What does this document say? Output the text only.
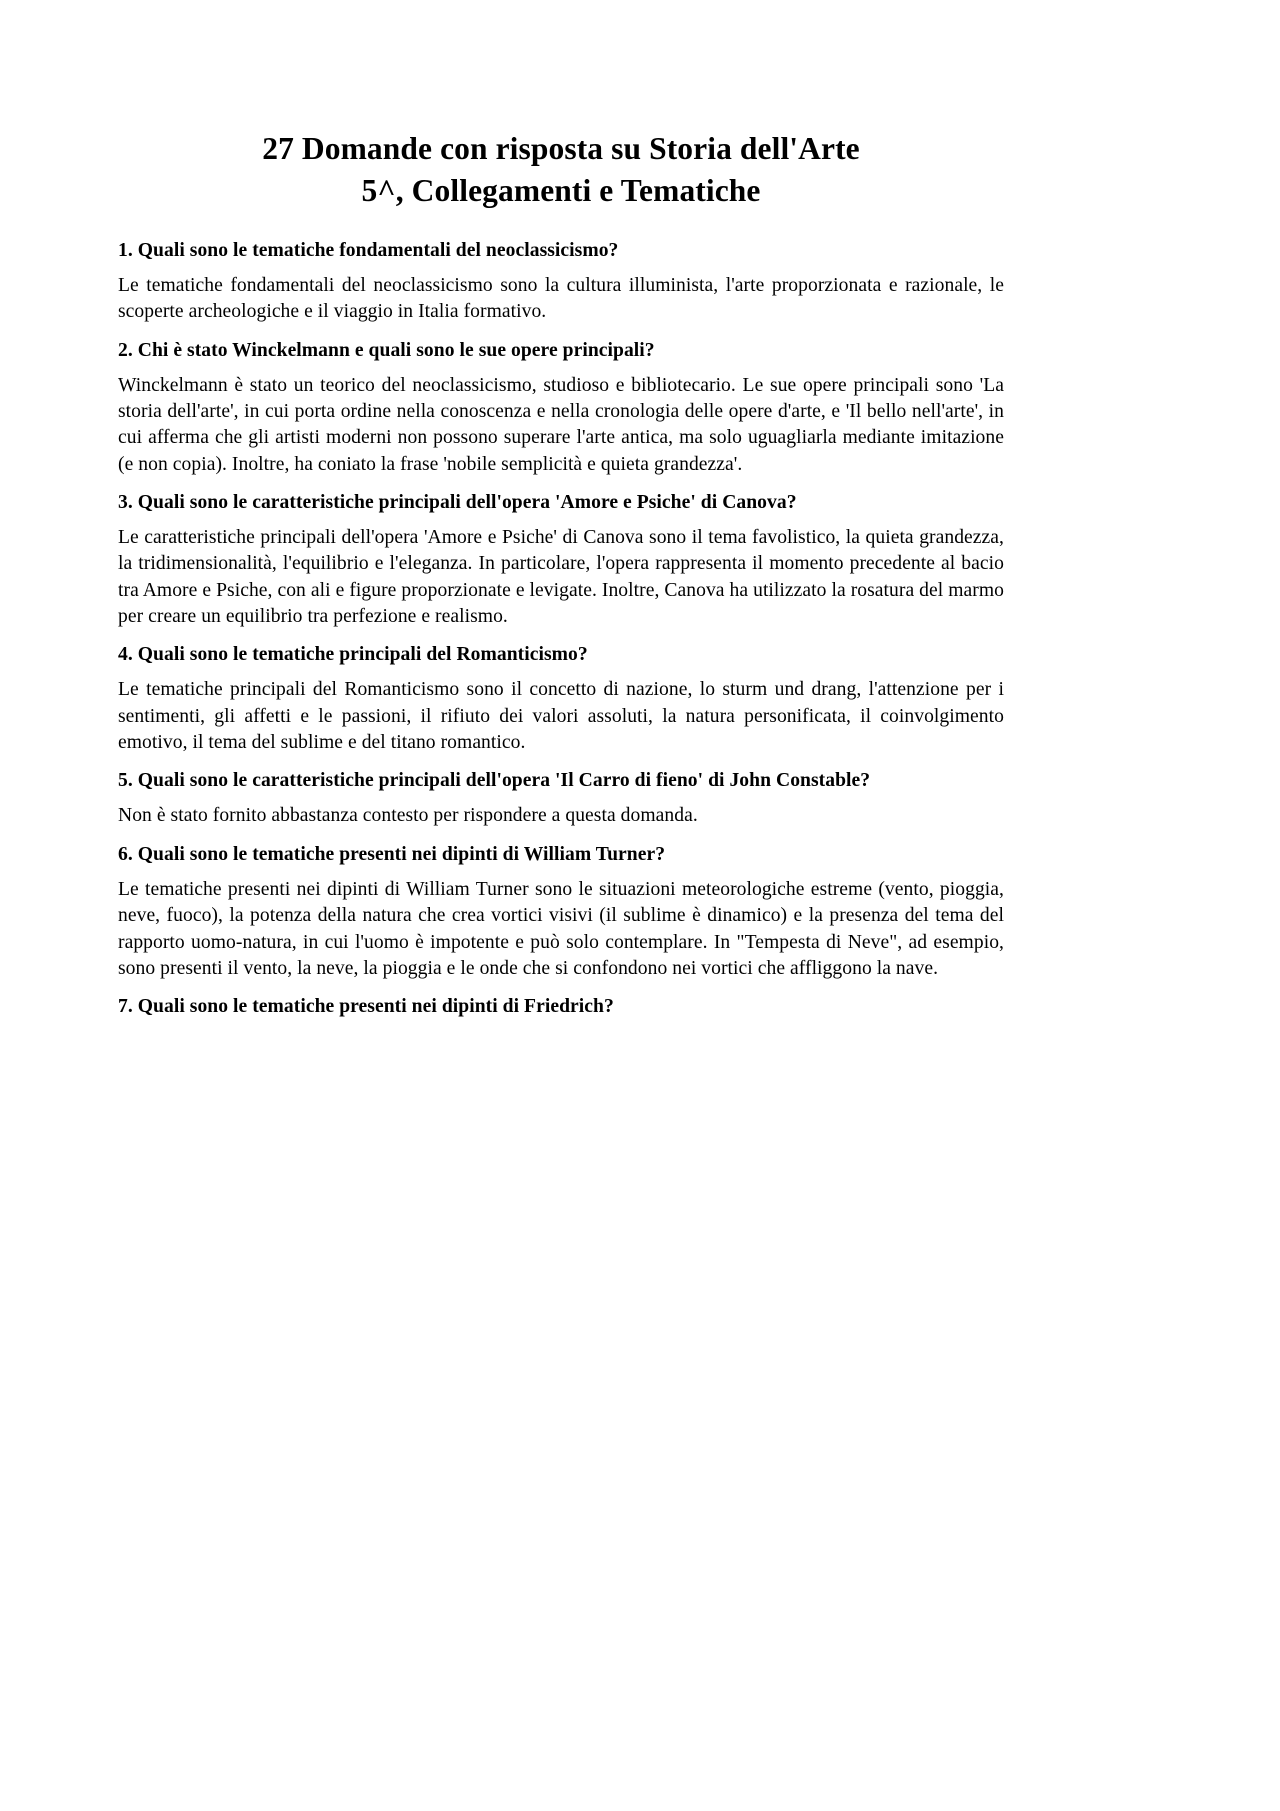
27 Domande con risposta su Storia dell'Arte
5^, Collegamenti e Tematiche
1. Quali sono le tematiche fondamentali del neoclassicismo?

Le tematiche fondamentali del neoclassicismo sono la cultura illuminista, l'arte proporzionata e razionale, le scoperte archeologiche e il viaggio in Italia formativo.

2. Chi è stato Winckelmann e quali sono le sue opere principali?

Winckelmann è stato un teorico del neoclassicismo, studioso e bibliotecario. Le sue opere principali sono 'La storia dell'arte', in cui porta ordine nella conoscenza e nella cronologia delle opere d'arte, e 'Il bello nell'arte', in cui afferma che gli artisti moderni non possono superare l'arte antica, ma solo uguagliarla mediante imitazione (e non copia). Inoltre, ha coniato la frase 'nobile semplicità e quieta grandezza'.

3. Quali sono le caratteristiche principali dell'opera 'Amore e Psiche' di Canova?

Le caratteristiche principali dell'opera 'Amore e Psiche' di Canova sono il tema favolistico, la quieta grandezza, la tridimensionalità, l'equilibrio e l'eleganza. In particolare, l'opera rappresenta il momento precedente al bacio tra Amore e Psiche, con ali e figure proporzionate e levigate. Inoltre, Canova ha utilizzato la rosatura del marmo per creare un equilibrio tra perfezione e realismo.

4. Quali sono le tematiche principali del Romanticismo?

Le tematiche principali del Romanticismo sono il concetto di nazione, lo sturm und drang, l'attenzione per i sentimenti, gli affetti e le passioni, il rifiuto dei valori assoluti, la natura personificata, il coinvolgimento emotivo, il tema del sublime e del titano romantico.

5. Quali sono le caratteristiche principali dell'opera 'Il Carro di fieno' di John Constable?

Non è stato fornito abbastanza contesto per rispondere a questa domanda.

6. Quali sono le tematiche presenti nei dipinti di William Turner?

Le tematiche presenti nei dipinti di William Turner sono le situazioni meteorologiche estreme (vento, pioggia, neve, fuoco), la potenza della natura che crea vortici visivi (il sublime è dinamico) e la presenza del tema del rapporto uomo-natura, in cui l'uomo è impotente e può solo contemplare. In "Tempesta di Neve", ad esempio, sono presenti il vento, la neve, la pioggia e le onde che si confondono nei vortici che affliggono la nave.

7. Quali sono le tematiche presenti nei dipinti di Friedrich?
